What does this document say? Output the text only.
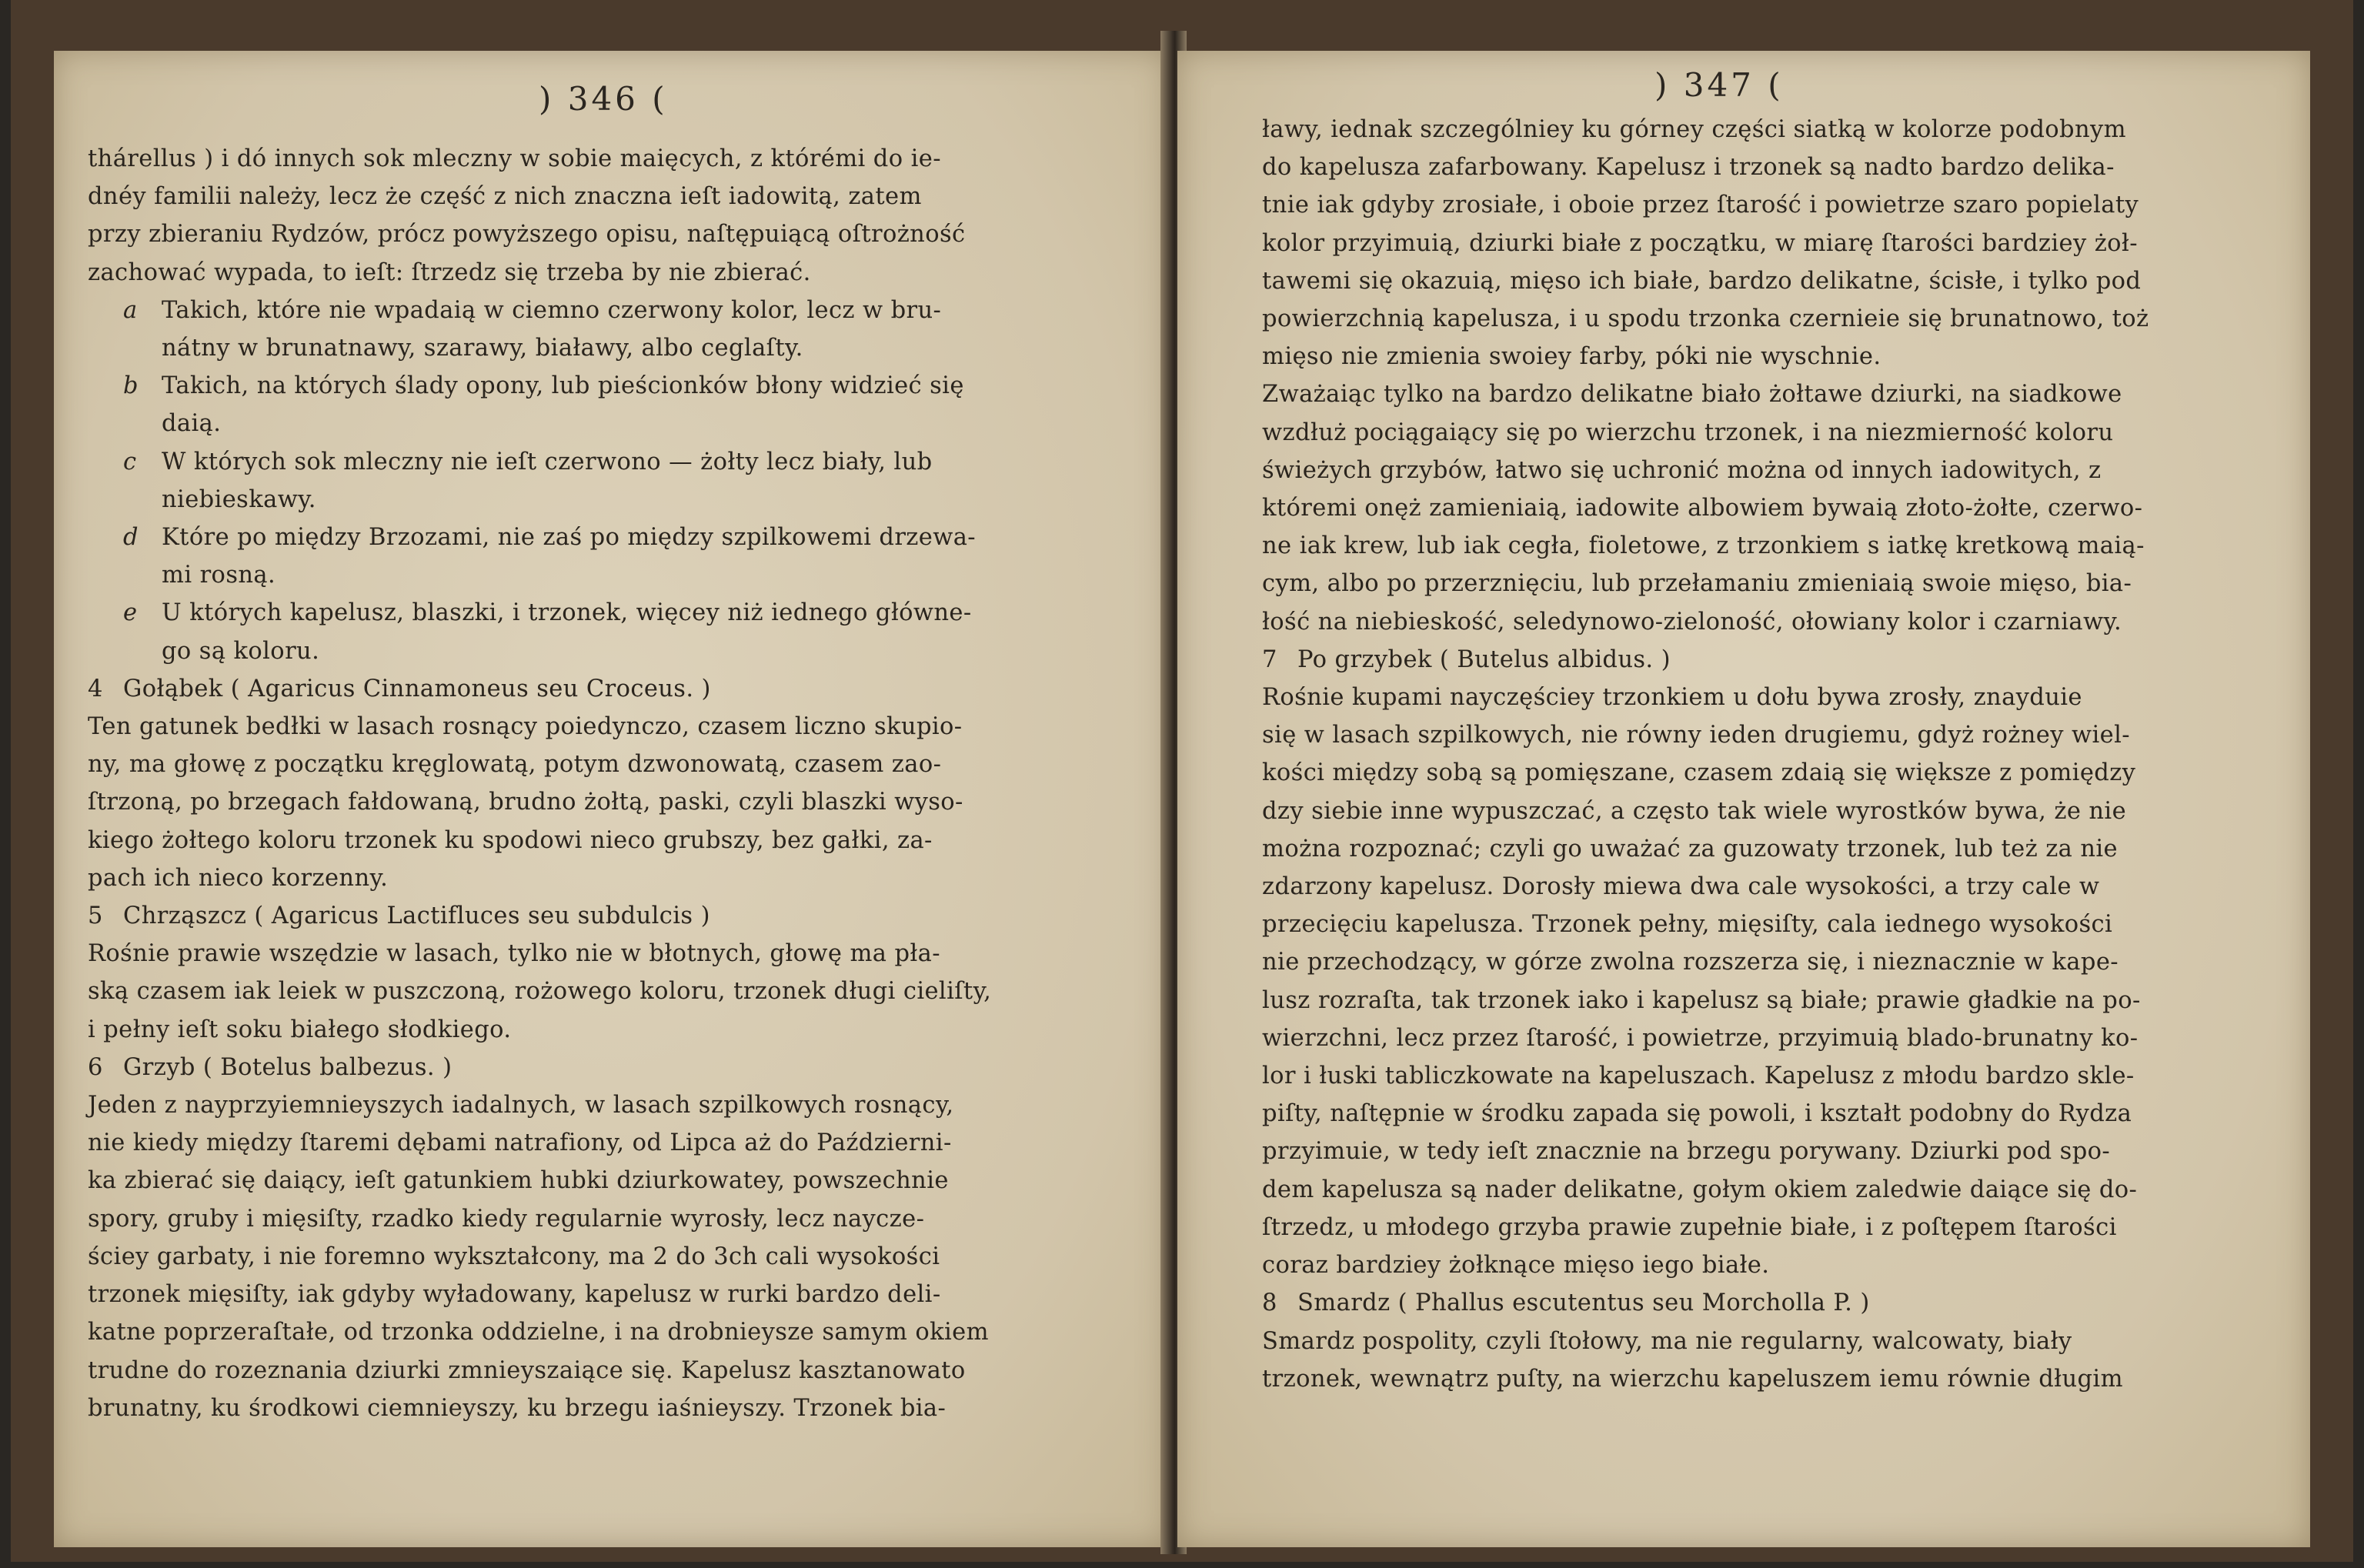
) 346 (
thárellus ) i dó innych sok mleczny w sobie maięcych, z którémi do ie-
dnéy familii należy, lecz że część z nich znaczna ieſt iadowitą, zatem
przy zbieraniu Rydzów, prócz powyższego opisu, naſtępuiącą oſtrożność
zachować wypada, to ieſt: ſtrzedz się trzeba by nie zbierać.
a Takich, które nie wpadaią w ciemno czerwony kolor, lecz w bru-
nátny w brunatnawy, szarawy, białawy, albo ceglaſty.
b Takich, na których ślady opony, lub pieścionków błony widzieć się
daią.
c W których sok mleczny nie ieſt czerwono — żołty lecz biały, lub
niebieskawy.
d Które po między Brzozami, nie zaś po między szpilkowemi drzewa-
mi rosną.
e U których kapelusz, blaszki, i trzonek, więcey niż iednego główne-
go są koloru.
4 Gołąbek ( Agaricus Cinnamoneus seu Croceus. )
Ten gatunek bedłki w lasach rosnący poiedynczo, czasem liczno skupio-
ny, ma głowę z początku kręglowatą, potym dzwonowatą, czasem zao-
ſtrzoną, po brzegach fałdowaną, brudno żołtą, paski, czyli blaszki wyso-
kiego żołtego koloru trzonek ku spodowi nieco grubszy, bez gałki, za-
pach ich nieco korzenny.
5 Chrząszcz ( Agaricus Lactifluces seu subdulcis )
Rośnie prawie wszędzie w lasach, tylko nie w błotnych, głowę ma pła-
ską czasem iak leiek w puszczoną, rożowego koloru, trzonek długi cieliſty,
i pełny ieſt soku białego słodkiego.
6 Grzyb ( Botelus balbezus. )
Jeden z nayprzyiemnieyszych iadalnych, w lasach szpilkowych rosnący,
nie kiedy między ſtaremi dębami natrafiony, od Lipca aż do Październi-
ka zbierać się daiący, ieſt gatunkiem hubki dziurkowatey, powszechnie
spory, gruby i mięsiſty, rzadko kiedy regularnie wyrosły, lecz naycze-
ściey garbaty, i nie foremno wykształcony, ma 2 do 3ch cali wysokości
trzonek mięsiſty, iak gdyby wyładowany, kapelusz w rurki bardzo deli-
katne poprzeraſtałe, od trzonka oddzielne, i na drobnieysze samym okiem
trudne do rozeznania dziurki zmnieyszaiące się. Kapelusz kasztanowato
brunatny, ku środkowi ciemnieyszy, ku brzegu iaśnieyszy. Trzonek bia-
) 347 (
ławy, iednak szczególniey ku górney części siatką w kolorze podobnym
do kapelusza zafarbowany. Kapelusz i trzonek są nadto bardzo delika-
tnie iak gdyby zrosiałe, i oboie przez ſtarość i powietrze szaro popielaty
kolor przyimuią, dziurki białe z początku, w miarę ſtarości bardziey żoł-
tawemi się okazuią, mięso ich białe, bardzo delikatne, ścisłe, i tylko pod
powierzchnią kapelusza, i u spodu trzonka czernieie się brunatnowo, toż
mięso nie zmienia swoiey farby, póki nie wyschnie.
Zważaiąc tylko na bardzo delikatne biało żołtawe dziurki, na siadkowe
wzdłuż pociągaiący się po wierzchu trzonek, i na niezmierność koloru
świeżych grzybów, łatwo się uchronić można od innych iadowitych, z
któremi onęż zamieniaią, iadowite albowiem bywaią złoto-żołte, czerwo-
ne iak krew, lub iak cegła, fioletowe, z trzonkiem s iatkę kretkową maią-
cym, albo po przerznięciu, lub przełamaniu zmieniaią swoie mięso, bia-
łość na niebieskość, seledynowo-zieloność, ołowiany kolor i czarniawy.
7 Po grzybek ( Butelus albidus. )
Rośnie kupami nayczęściey trzonkiem u dołu bywa zrosły, znayduie
się w lasach szpilkowych, nie równy ieden drugiemu, gdyż rożney wiel-
kości między sobą są pomięszane, czasem zdaią się większe z pomiędzy
dzy siebie inne wypuszczać, a często tak wiele wyrostków bywa, że nie
można rozpoznać; czyli go uważać za guzowaty trzonek, lub też za nie
zdarzony kapelusz. Dorosły miewa dwa cale wysokości, a trzy cale w
przecięciu kapelusza. Trzonek pełny, mięsiſty, cala iednego wysokości
nie przechodzący, w górze zwolna rozszerza się, i nieznacznie w kape-
lusz rozraſta, tak trzonek iako i kapelusz są białe; prawie gładkie na po-
wierzchni, lecz przez ſtarość, i powietrze, przyimuią blado-brunatny ko-
lor i łuski tabliczkowate na kapeluszach. Kapelusz z młodu bardzo skle-
piſty, naſtępnie w środku zapada się powoli, i kształt podobny do Rydza
przyimuie, w tedy ieſt znacznie na brzegu porywany. Dziurki pod spo-
dem kapelusza są nader delikatne, gołym okiem zaledwie daiące się do-
ſtrzedz, u młodego grzyba prawie zupełnie białe, i z poſtępem ſtarości
coraz bardziey żołknące mięso iego białe.
8 Smardz ( Phallus escutentus seu Morcholla P. )
Smardz pospolity, czyli ſtołowy, ma nie regularny, walcowaty, biały
trzonek, wewnątrz puſty, na wierzchu kapeluszem iemu równie długim
